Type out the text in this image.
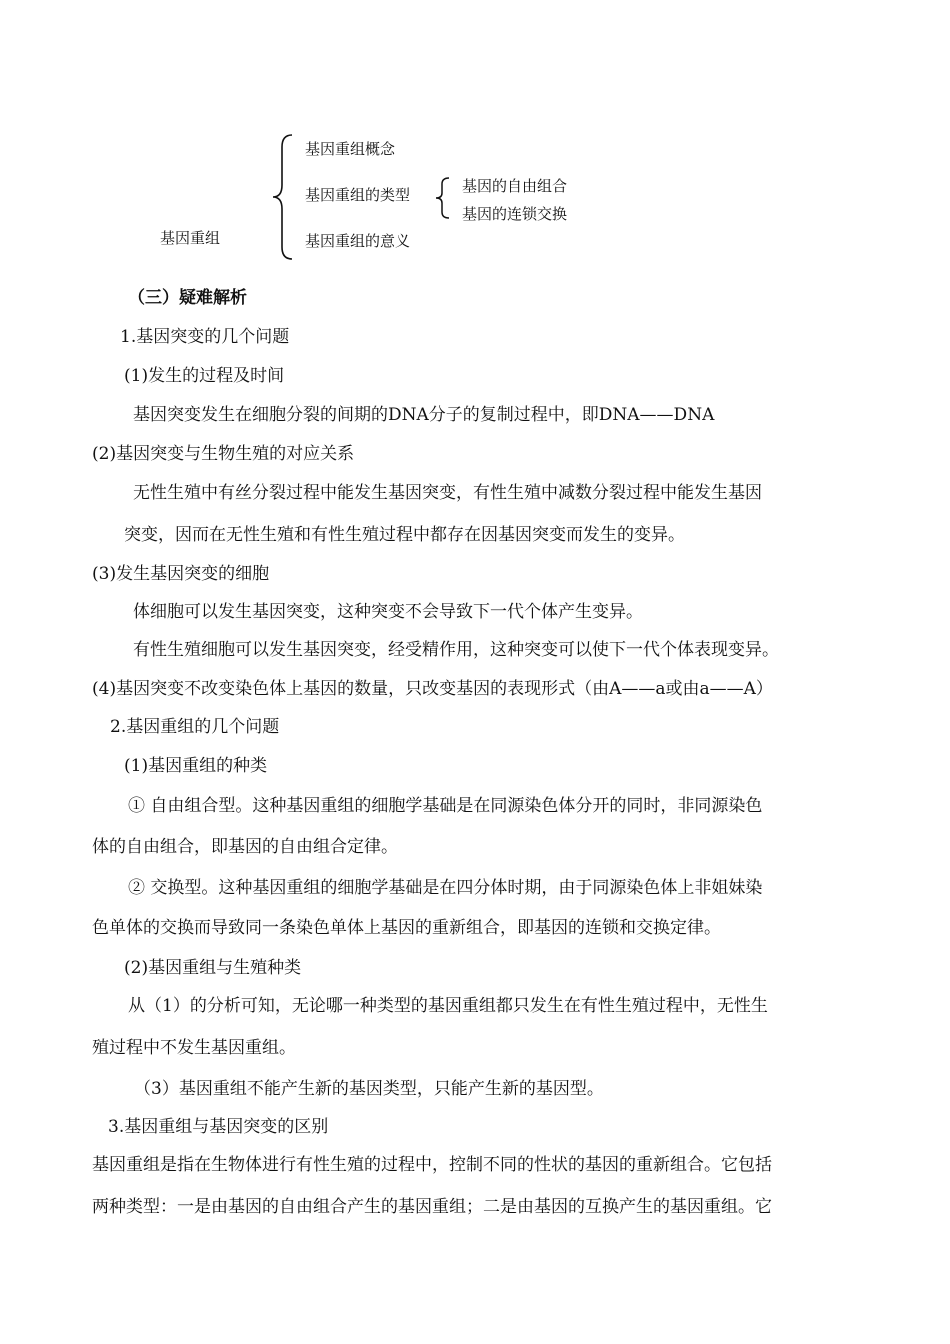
基因重组
基因重组概念
基因重组的类型
基因重组的意义
基因的自由组合
基因的连锁交换
（三）疑难解析
1.基因突变的几个问题
(1)发生的过程及时间
基因突变发生在细胞分裂的间期的DNA分子的复制过程中，即DNA——DNA
(2)基因突变与生物生殖的对应关系
无性生殖中有丝分裂过程中能发生基因突变，有性生殖中减数分裂过程中能发生基因
突变，因而在无性生殖和有性生殖过程中都存在因基因突变而发生的变异。
(3)发生基因突变的细胞
体细胞可以发生基因突变，这种突变不会导致下一代个体产生变异。
有性生殖细胞可以发生基因突变，经受精作用，这种突变可以使下一代个体表现变异。
(4)基因突变不改变染色体上基因的数量，只改变基因的表现形式（由A——a或由a——A）
2.基因重组的几个问题
(1)基因重组的种类
① 自由组合型。这种基因重组的细胞学基础是在同源染色体分开的同时，非同源染色
体的自由组合，即基因的自由组合定律。
② 交换型。这种基因重组的细胞学基础是在四分体时期，由于同源染色体上非姐妹染
色单体的交换而导致同一条染色单体上基因的重新组合，即基因的连锁和交换定律。
(2)基因重组与生殖种类
从（1）的分析可知，无论哪一种类型的基因重组都只发生在有性生殖过程中，无性生
殖过程中不发生基因重组。
（3）基因重组不能产生新的基因类型，只能产生新的基因型。
3.基因重组与基因突变的区别
基因重组是指在生物体进行有性生殖的过程中，控制不同的性状的基因的重新组合。它包括
两种类型：一是由基因的自由组合产生的基因重组；二是由基因的互换产生的基因重组。它
